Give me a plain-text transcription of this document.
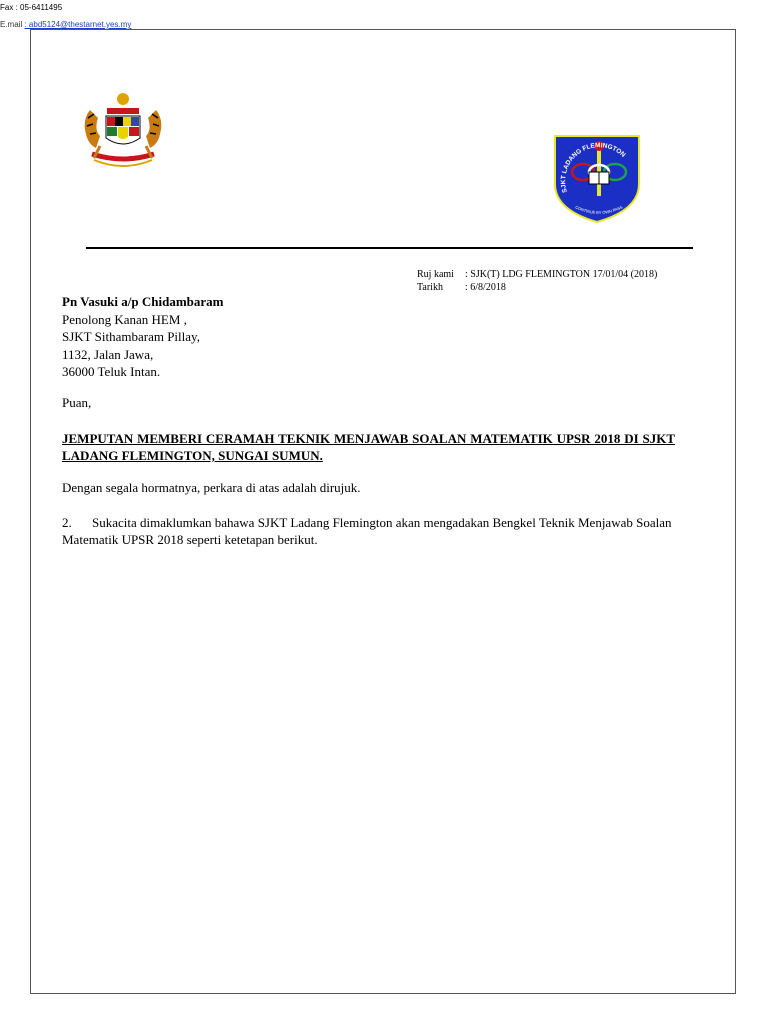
Fax : 05-6411495
E.mail : abd5124@thestarnet.yes.my
SJKT LADANG FLEMINGTON
CONTINUE BY OWN PASS
Ruj kami : SJK(T) LDG FLEMINGTON 17/01/04 (2018)
Tarikh : 6/8/2018
Pn Vasuki a/p Chidambaram
Penolong Kanan HEM ,
SJKT Sithambaram Pillay,
1132, Jalan Jawa,
36000 Teluk Intan.
Puan,
JEMPUTAN MEMBERI CERAMAH TEKNIK MENJAWAB SOALAN MATEMATIK UPSR 2018 DI SJKT LADANG FLEMINGTON, SUNGAI SUMUN.
Dengan segala hormatnya, perkara di atas adalah dirujuk.
2. Sukacita dimaklumkan bahawa SJKT Ladang Flemington akan mengadakan Bengkel Teknik Menjawab Soalan Matematik UPSR 2018 seperti ketetapan berikut.
